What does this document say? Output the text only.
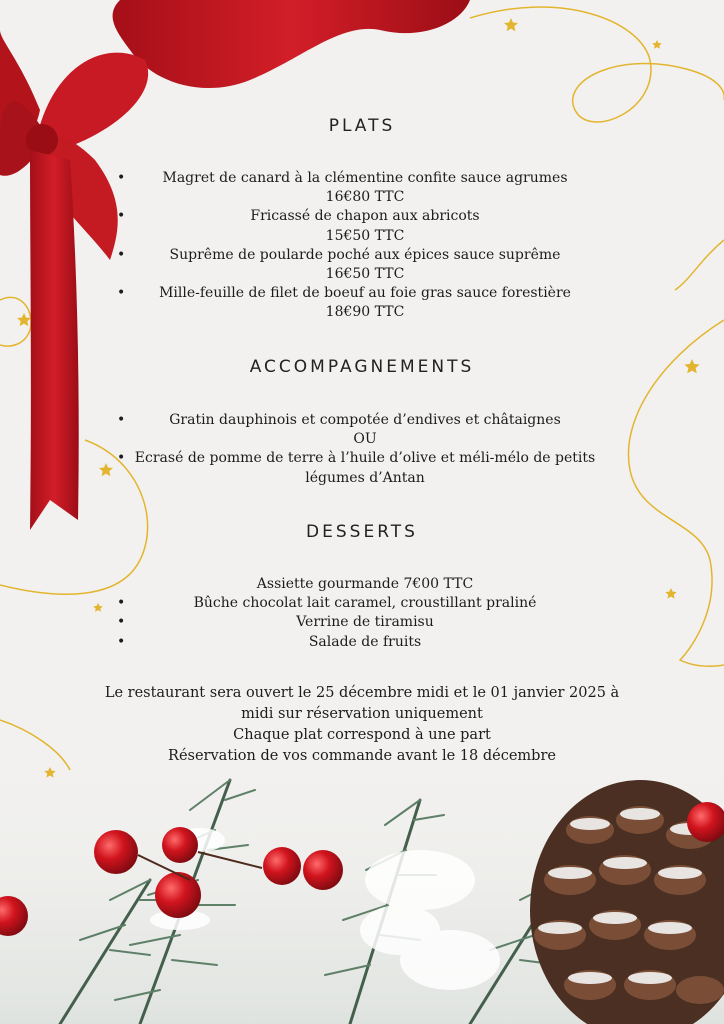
PLATS
• Magret de canard à la clémentine confite sauce agrumes
16€80 TTC
• Fricassé de chapon aux abricots
15€50 TTC
• Suprême de poularde poché aux épices sauce suprême
16€50 TTC
• Mille-feuille de filet de boeuf au foie gras sauce forestière
18€90 TTC
ACCOMPAGNEMENTS
• Gratin dauphinois et compotée d’endives et châtaignes
OU
• Ecrasé de pomme de terre à l’huile d’olive et méli-mélo de petits
légumes d’Antan
DESSERTS
Assiette gourmande 7€00 TTC
• Bûche chocolat lait caramel, croustillant praliné
• Verrine de tiramisu
• Salade de fruits
Le restaurant sera ouvert le 25 décembre midi et le 01 janvier 2025 à
midi sur réservation uniquement
Chaque plat correspond à une part
Réservation de vos commande avant le 18 décembre
